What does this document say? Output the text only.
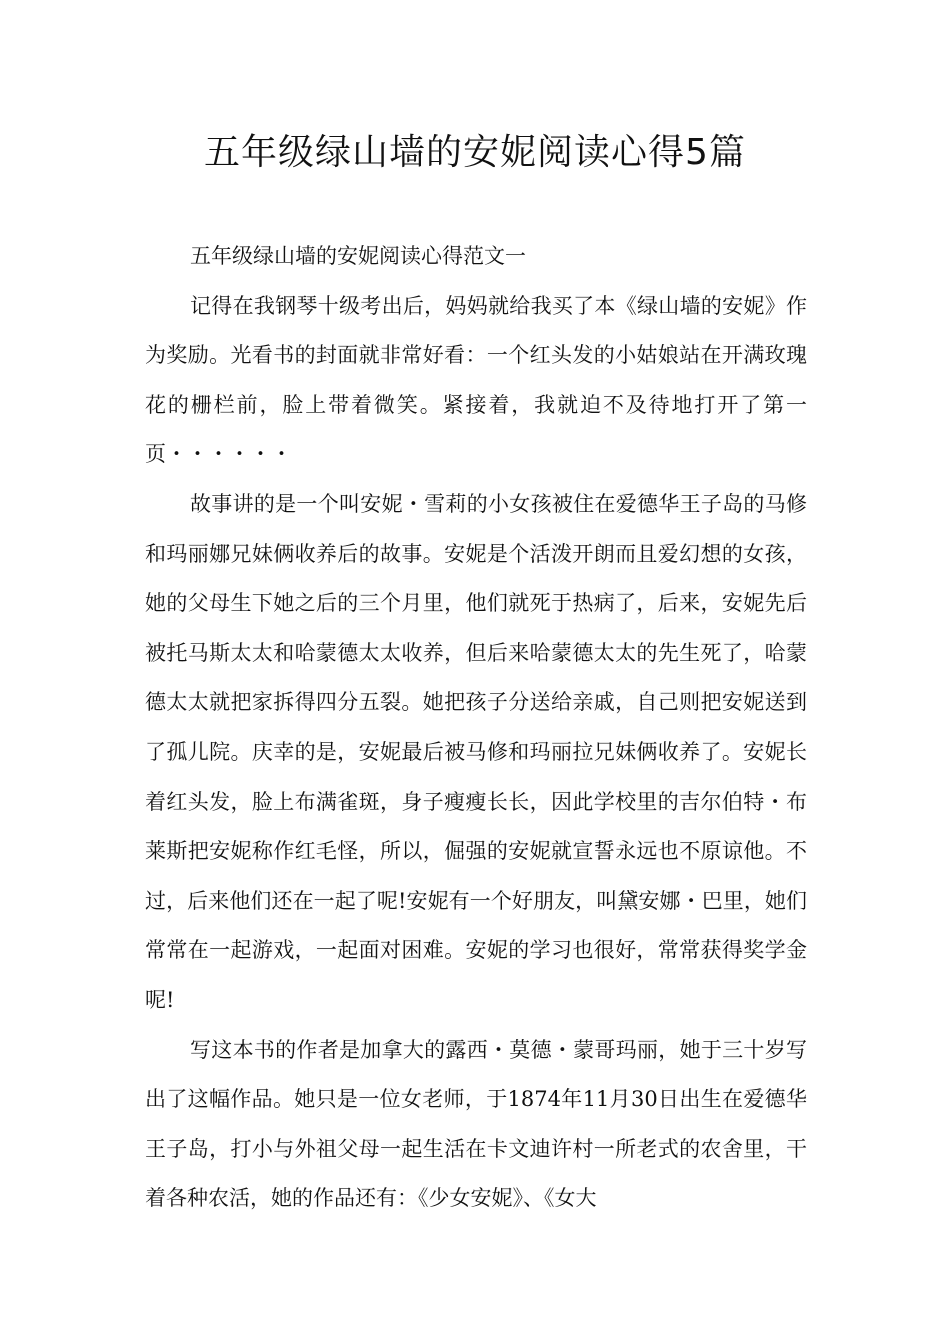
五年级绿山墙的安妮阅读心得5篇

五年级绿山墙的安妮阅读心得范文一

记得在我钢琴十级考出后，妈妈就给我买了本《绿山墙的安妮》作为奖励。光看书的封面就非常好看：一个红头发的小姑娘站在开满玫瑰花的栅栏前，脸上带着微笑。紧接着，我就迫不及待地打开了第一页・・・・・・

故事讲的是一个叫安妮・雪莉的小女孩被住在爱德华王子岛的马修和玛丽娜兄妹俩收养后的故事。安妮是个活泼开朗而且爱幻想的女孩，她的父母生下她之后的三个月里，他们就死于热病了，后来，安妮先后被托马斯太太和哈蒙德太太收养，但后来哈蒙德太太的先生死了，哈蒙德太太就把家拆得四分五裂。她把孩子分送给亲戚，自己则把安妮送到了孤儿院。庆幸的是，安妮最后被马修和玛丽拉兄妹俩收养了。安妮长着红头发，脸上布满雀斑，身子瘦瘦长长，因此学校里的吉尔伯特・布莱斯把安妮称作红毛怪，所以，倔强的安妮就宣誓永远也不原谅他。不过，后来他们还在一起了呢!安妮有一个好朋友，叫黛安娜・巴里，她们常常在一起游戏，一起面对困难。安妮的学习也很好，常常获得奖学金呢!

写这本书的作者是加拿大的露西・莫德・蒙哥玛丽，她于三十岁写出了这幅作品。她只是一位女老师，于1874年11月30日出生在爱德华王子岛，打小与外祖父母一起生活在卡文迪许村一所老式的农舍里，干着各种农活，她的作品还有：《少女安妮》、《女大
